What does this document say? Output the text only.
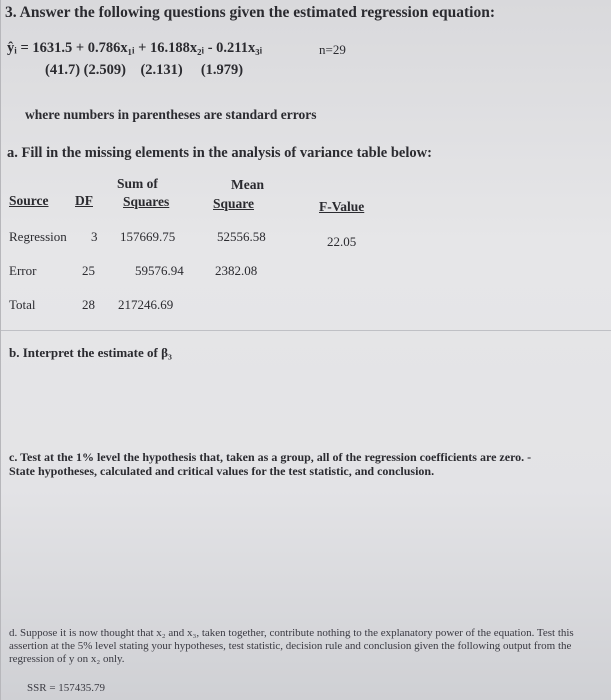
3. Answer the following questions given the estimated regression equation:
ŷᵢ = 1631.5 + 0.786x₁ᵢ + 16.188x₂ᵢ - 0.211x₃ᵢ	n=29
(41.7) (2.509)    (2.131)     (1.979)
where numbers in parentheses are standard errors
a. Fill in the missing elements in the analysis of variance table below:
Sum of	Mean
Source DF Squares	Square	F-Value
Regression 3 157669.75	52556.58	22.05
Error	25	59576.94 2382.08
Total	28 217246.69
b. Interpret the estimate of β₃
c. Test at the 1% level the hypothesis that, taken as a group, all of the regression coefficients are zero. -
State hypotheses, calculated and critical values for the test statistic, and conclusion.
d. Suppose it is now thought that x₂ and x₃, taken together, contribute nothing to the explanatory power of the equation. Test this assertion at the 5% level stating your hypotheses, test statistic, decision rule and conclusion given the following output from the regression of y on x₂ only.
SSR = 157435.79
